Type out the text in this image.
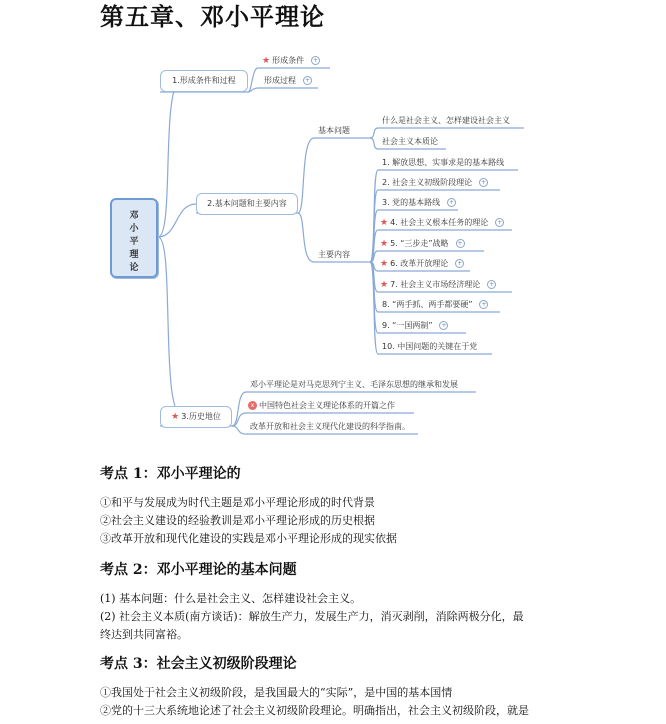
第五章、邓小平理论
邓
小
平
理
论
1.形成条件和过程
★ 形成条件 +
形成过程 +
2.基本问题和主要内容
基本问题
什么是社会主义、怎样建设社会主义
社会主义本质论
主要内容
1. 解放思想、实事求是的基本路线
2. 社会主义初级阶段理论 +
3. 党的基本路线 +
★ 4. 社会主义根本任务的理论 +
★ 5. “三步走”战略 +
★ 6. 改革开放理论 +
★ 7. 社会主义市场经济理论 +
8. “两手抓、两手都要硬” +
9. “一国两制” +
10. 中国问题的关键在于党
★ 3.历史地位
邓小平理论是对马克思列宁主义、毛泽东思想的继承和发展
x 中国特色社会主义理论体系的开篇之作
改革开放和社会主义现代化建设的科学指南。
考点 1：邓小平理论的
①和平与发展成为时代主题是邓小平理论形成的时代背景
②社会主义建设的经验教训是邓小平理论形成的历史根据
③改革开放和现代化建设的实践是邓小平理论形成的现实依据
考点 2：邓小平理论的基本问题
(1) 基本问题：什么是社会主义、怎样建设社会主义。
(2) 社会主义本质(南方谈话)：解放生产力，发展生产力，消灭剥削，消除两极分化，最
终达到共同富裕。
考点 3：社会主义初级阶段理论
①我国处于社会主义初级阶段，是我国最大的“实际”，是中国的基本国情
②党的十三大系统地论述了社会主义初级阶段理论。明确指出，社会主义初级阶段，就是
